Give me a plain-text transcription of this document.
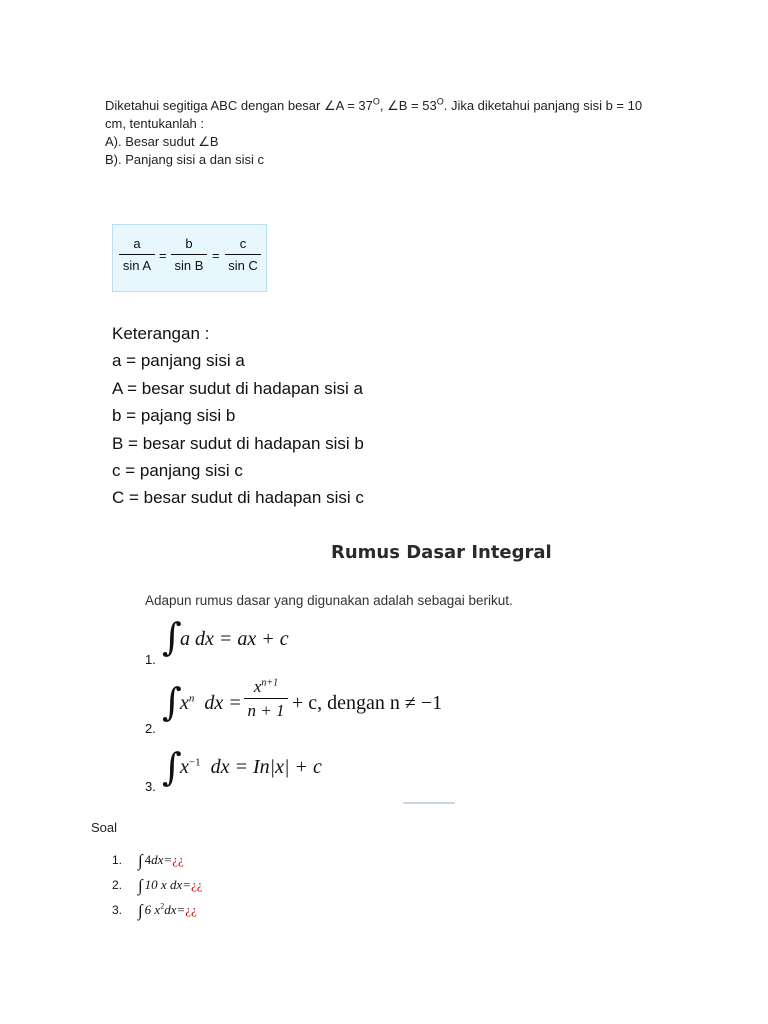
Diketahui segitiga ABC dengan besar ∠A = $37^O$, ∠B = $53^O$. Jika diketahui panjang sisi b = 10

cm, tentukanlah :

A). Besar sudut ∠B

B). Panjang sisi a dan sisi c

a
sin A
=
b
sin B
=
c
sin C
Keterangan :
a = panjang sisi a
A = besar sudut di hadapan sisi a
b = pajang sisi b
B = besar sudut di hadapan sisi b
c = panjang sisi c
C = besar sudut di hadapan sisi c
Rumus Dasar Integral
Adapun rumus dasar yang digunakan adalah sebagai berikut.
1.
∫
a dx = ax + c
2.
∫
$x^n$ dx =
$x^{n+1}$
n + 1 + c, dengan n ≠ −1
3. ∫
$x^{-1}$ dx = In|x| + c
Soal
1. ∫ 4dx=¿¿
2. ∫ 10 x dx=¿¿
3. ∫ 6 $x^2dx=¿¿$
